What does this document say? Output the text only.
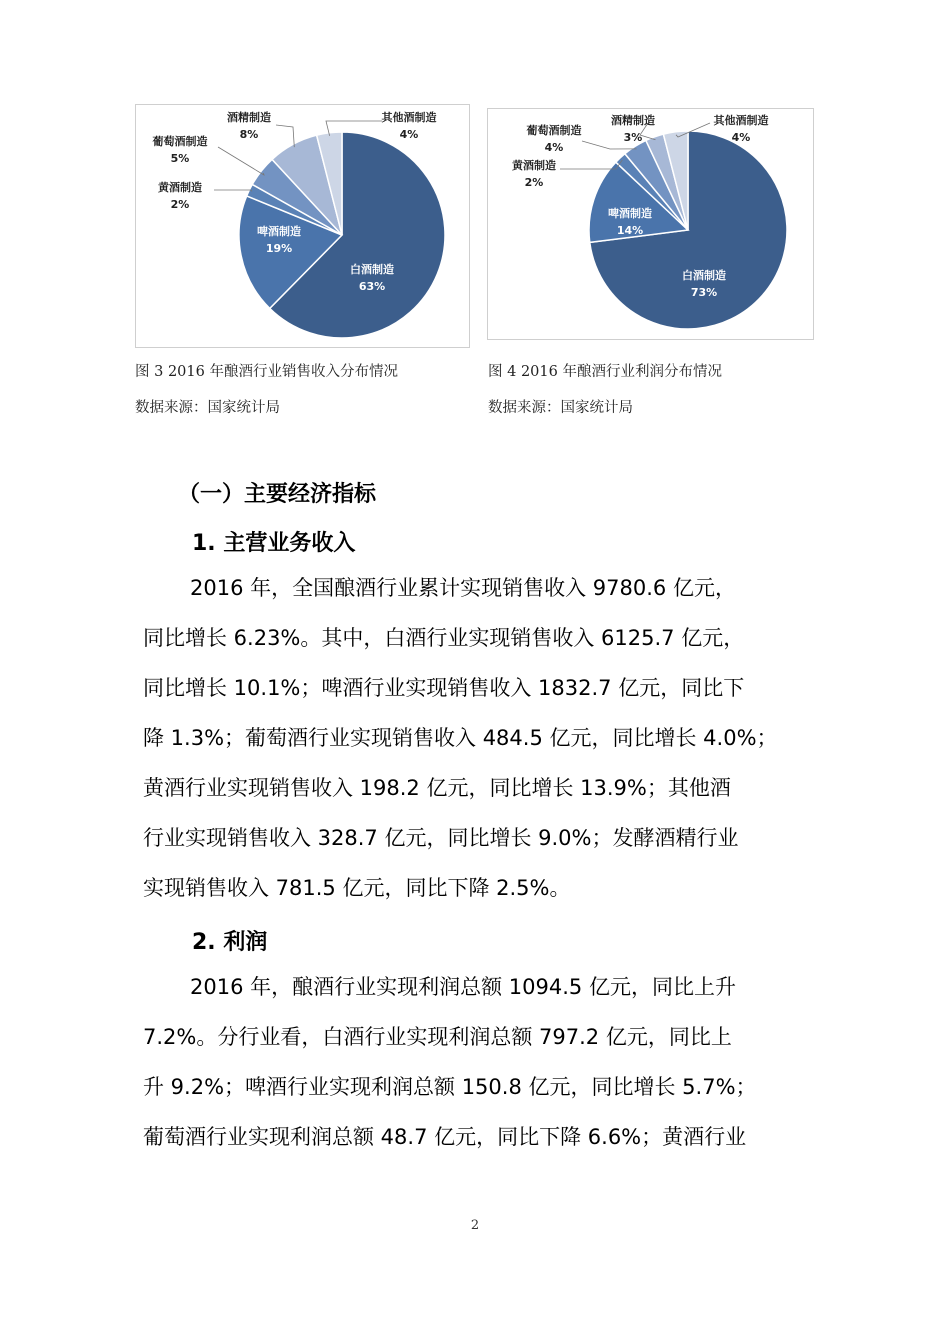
白酒制造
63%
啤酒制造
19%
黄酒制造
2%
葡萄酒制造
5%
酒精制造
8%
其他酒制造
4%
图 3 2016 年酿酒行业销售收入分布情况
数据来源：国家统计局
白酒制造
73%
啤酒制造
14%
黄酒制造
2%
葡萄酒制造
4%
酒精制造
3%
其他酒制造
4%
图 4 2016 年酿酒行业利润分布情况
数据来源：国家统计局
（一）主要经济指标
1. 主营业务收入
2016 年，全国酿酒行业累计实现销售收入 9780.6 亿元，
同比增长 6.23%。其中，白酒行业实现销售收入 6125.7 亿元，
同比增长 10.1%；啤酒行业实现销售收入 1832.7 亿元，同比下
降 1.3%；葡萄酒行业实现销售收入 484.5 亿元，同比增长 4.0%；
黄酒行业实现销售收入 198.2 亿元，同比增长 13.9%；其他酒
行业实现销售收入 328.7 亿元，同比增长 9.0%；发酵酒精行业
实现销售收入 781.5 亿元，同比下降 2.5%。
2. 利润
2016 年，酿酒行业实现利润总额 1094.5 亿元，同比上升
7.2%。分行业看，白酒行业实现利润总额 797.2 亿元，同比上
升 9.2%；啤酒行业实现利润总额 150.8 亿元，同比增长 5.7%；
葡萄酒行业实现利润总额 48.7 亿元，同比下降 6.6%；黄酒行业
2
